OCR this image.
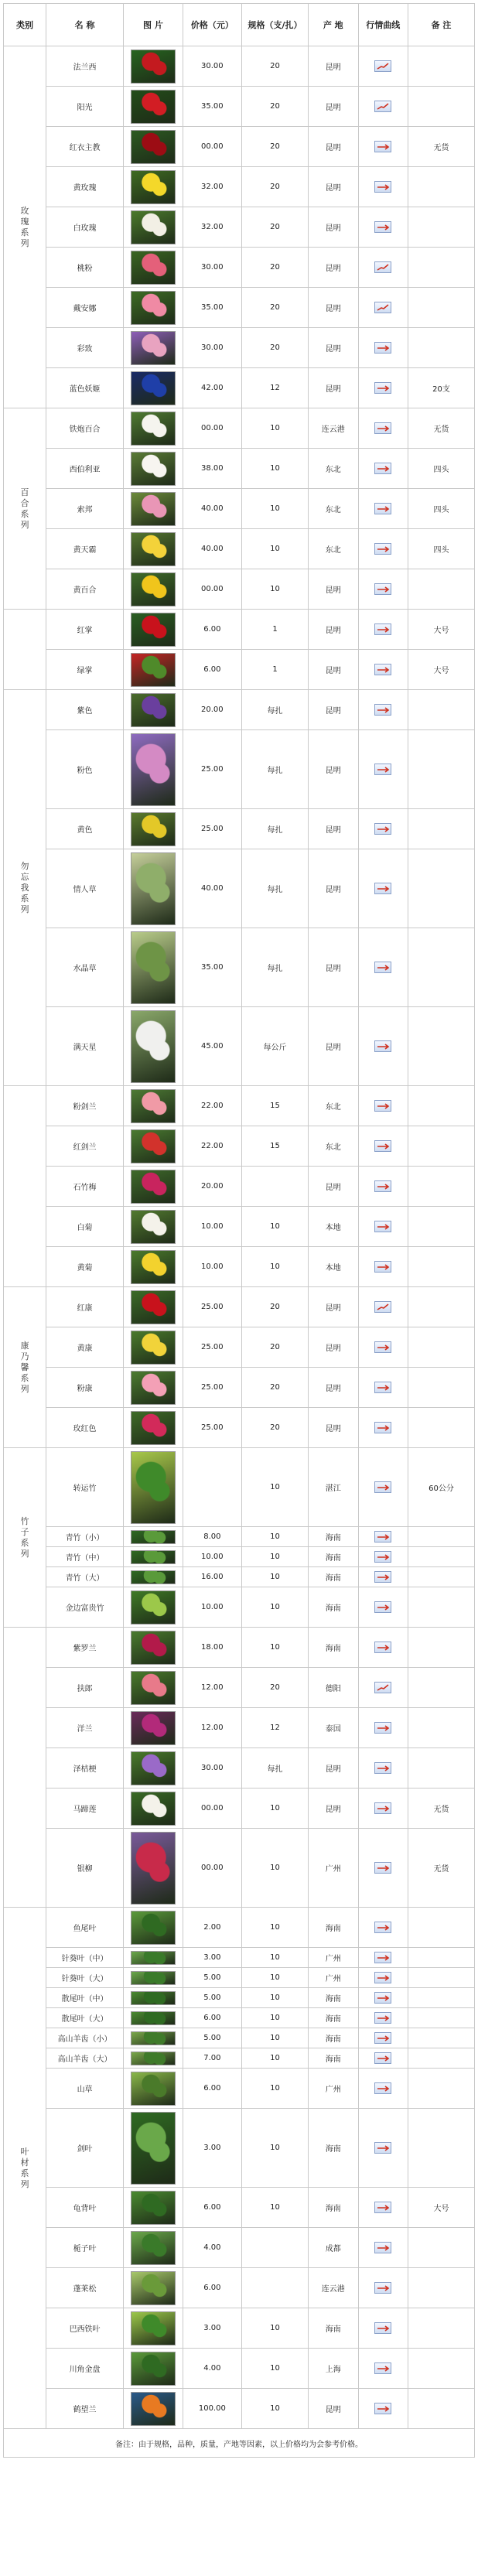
类别	名 称	图 片	价格（元）	规格（支/扎）	产 地	行情曲线	备 注
玫瑰系列	法兰西		30.00	20	昆明	

	阳光		35.00	20	昆明	

	红衣主教		00.00	20	昆明		无货
	黄玫瑰		32.00	20	昆明	

	白玫瑰		32.00	20	昆明	

	桃粉		30.00	20	昆明	

	戴安娜		35.00	20	昆明	

	彩致		30.00	20	昆明	

	蓝色妖姬		42.00	12	昆明		20支
百合系列	铁炮百合		00.00	10	连云港		无货
	西伯利亚		38.00	10	东北		四头
	索邦		40.00	10	东北		四头
	黄天霸		40.00	10	东北		四头
	黄百合		00.00	10	昆明	

	红掌		6.00	1	昆明		大号
	绿掌		6.00	1	昆明		大号
勿忘我系列	紫色		20.00	每扎	昆明	

	粉色		25.00	每扎	昆明	

	黄色		25.00	每扎	昆明	

	情人草		40.00	每扎	昆明	

	水晶草		35.00	每扎	昆明	

	满天星		45.00	每公斤	昆明	

	粉剑兰		22.00	15	东北	

	红剑兰		22.00	15	东北	

	石竹梅		20.00		昆明	

	白菊		10.00	10	本地	

	黄菊		10.00	10	本地	

康乃馨系列	红康		25.00	20	昆明	

	黄康		25.00	20	昆明	

	粉康		25.00	20	昆明	

	玫红色		25.00	20	昆明	

竹子系列	转运竹			10	湛江		60公分
	青竹（小）		8.00	10	海南	

	青竹（中）		10.00	10	海南	

	青竹（大）		16.00	10	海南	

	金边富贵竹		10.00	10	海南	

	紫罗兰		18.00	10	海南	

	扶郎		12.00	20	德阳	

	洋兰		12.00	12	泰国	

	泽桔梗		30.00	每扎	昆明	

	马蹄莲		00.00	10	昆明		无货
	银柳		00.00	10	广州		无货
叶材系列	鱼尾叶		2.00	10	海南	

	针葵叶（中）		3.00	10	广州	

	针葵叶（大）		5.00	10	广州	

	散尾叶（中）		5.00	10	海南	

	散尾叶（大）		6.00	10	海南	

	高山羊齿（小）		5.00	10	海南	

	高山羊齿（大）		7.00	10	海南	

	山草		6.00	10	广州	

	剑叶		3.00	10	海南	

	龟背叶		6.00	10	海南		大号
	栀子叶		4.00		成都	

	蓬莱松		6.00		连云港	

	巴西铁叶		3.00	10	海南	

	川角金盘		4.00	10	上海	

	鹤望兰		100.00	10	昆明	

备注：由于规格，品种，质量，产地等因素，以上价格均为会参考价格。							
